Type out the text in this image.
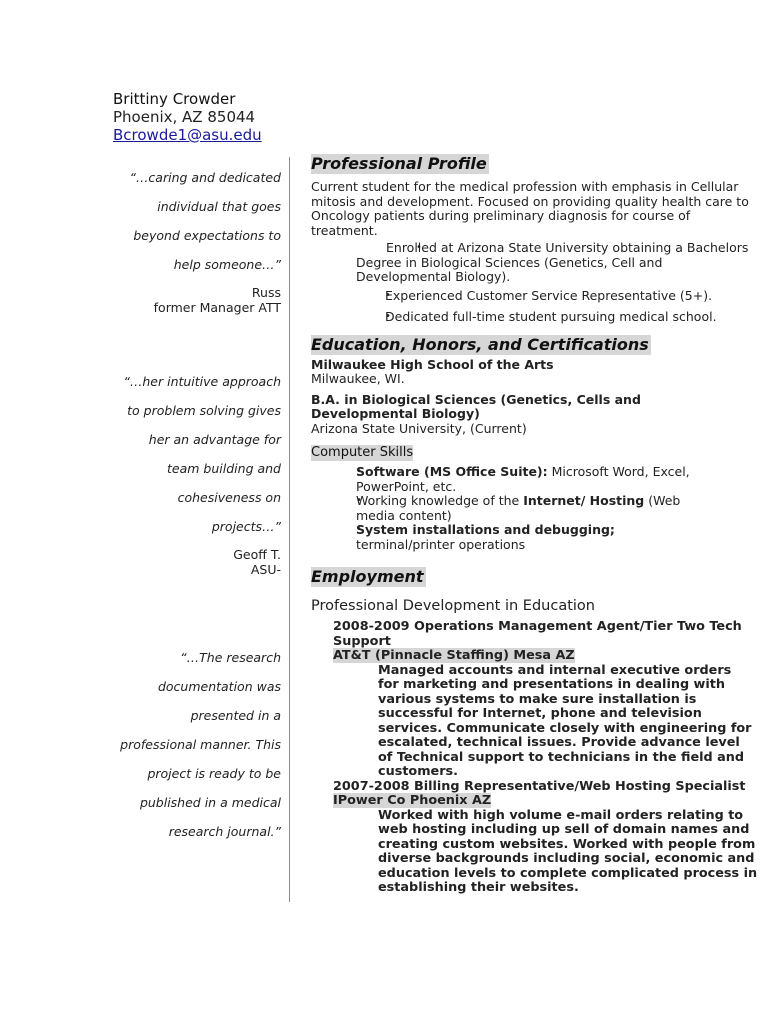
Brittiny Crowder
Phoenix, AZ 85044
Bcrowde1@asu.edu
“…caring and dedicated
individual that goes
beyond expectations to
help someone…”
Russ
former Manager ATT
“…her intuitive approach
to problem solving gives
her an advantage for
team building and
cohesiveness on
projects…”
Geoff T.
ASU-
“…The research
documentation was
presented in a
professional manner. This
project is ready to be
published in a medical
research journal.”
Professional Profile
Current student for the medical profession with emphasis in Cellular mitosis and development. Focused on providing quality health care to Oncology patients during preliminary diagnosis for course of treatment.
• Enrolled at Arizona State University obtaining a Bachelors Degree in Biological Sciences (Genetics, Cell and Developmental Biology).
• Experienced Customer Service Representative (5+).
• Dedicated full-time student pursuing medical school.
Education, Honors, and Certifications
Milwaukee High School of the Arts
Milwaukee, WI.
B.A. in Biological Sciences (Genetics, Cells and Developmental Biology)
Arizona State University, (Current)
Computer Skills
• Software (MS Office Suite): Microsoft Word, Excel, PowerPoint, etc.
• Working knowledge of the Internet/ Hosting (Web media content)
• System installations and debugging; terminal/printer operations
Employment
Professional Development in Education
2008-2009 Operations Management Agent/Tier Two Tech Support
AT&T (Pinnacle Staffing) Mesa AZ
Managed accounts and internal executive orders for marketing and presentations in dealing with various systems to make sure installation is successful for Internet, phone and television services. Communicate closely with engineering for escalated, technical issues. Provide advance level of Technical support to technicians in the field and customers.
2007-2008 Billing Representative/Web Hosting Specialist
IPower Co Phoenix AZ
Worked with high volume e-mail orders relating to web hosting including up sell of domain names and creating custom websites. Worked with people from diverse backgrounds including social, economic and education levels to complete complicated process in establishing their websites.
